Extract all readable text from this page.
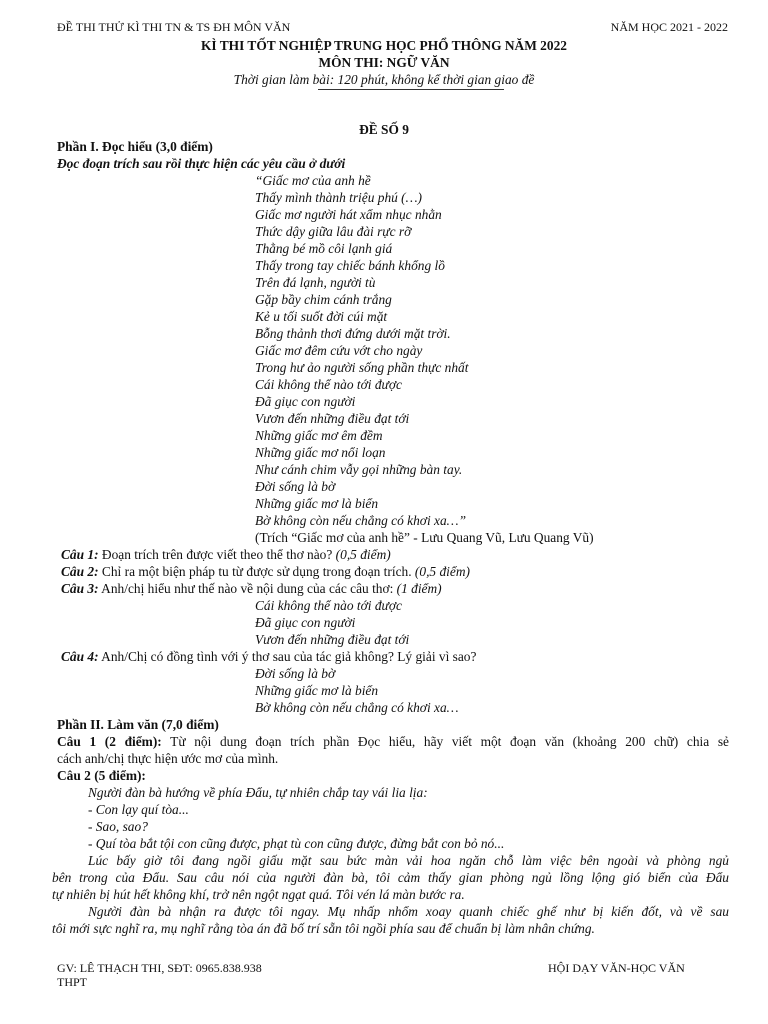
ĐỀ THI THỬ KÌ THI TN & TS ĐH MÔN VĂN	NĂM HỌC 2021 - 2022
KÌ THI TỐT NGHIỆP TRUNG HỌC PHỔ THÔNG NĂM 2022
MÔN THI: NGỮ VĂN
Thời gian làm bài: 120 phút, không kể thời gian giao đề
ĐỀ SỐ 9
Phần I. Đọc hiểu (3,0 điểm)
Đọc đoạn trích sau rồi thực hiện các yêu cầu ở dưới
“Giấc mơ của anh hề
Thấy mình thành triệu phú (…)
Giấc mơ người hát xẩm nhục nhằn
Thức dậy giữa lâu đài rực rỡ
Thằng bé mồ côi lạnh giá
Thấy trong tay chiếc bánh khổng lồ
Trên đá lạnh, người tù
Gặp bầy chim cánh trắng
Kẻ u tối suốt đời cúi mặt
Bỗng thảnh thơi đứng dưới mặt trời.
Giấc mơ đêm cứu vớt cho ngày
Trong hư ảo người sống phần thực nhất
Cái không thể nào tới được
Đã giục con người
Vươn đến những điều đạt tới
Những giấc mơ êm đềm
Những giấc mơ nổi loạn
Như cánh chim vẫy gọi những bàn tay.
Đời sống là bờ
Những giấc mơ là biển
Bờ không còn nếu chẳng có khơi xa…”
(Trích “Giấc mơ của anh hề” - Lưu Quang Vũ, Lưu Quang Vũ)
Câu 1: Đoạn trích trên được viết theo thể thơ nào? (0,5 điểm)
Câu 2: Chỉ ra một biện pháp tu từ được sử dụng trong đoạn trích. (0,5 điểm)
Câu 3: Anh/chị hiểu như thế nào về nội dung của các câu thơ: (1 điểm)
Cái không thể nào tới được
Đã giục con người
Vươn đến những điều đạt tới
Câu 4: Anh/Chị có đồng tình với ý thơ sau của tác giả không? Lý giải vì sao?
Đời sống là bờ
Những giấc mơ là biển
Bờ không còn nếu chẳng có khơi xa…
Phần II. Làm văn (7,0 điểm)
Câu 1 (2 điểm): Từ nội dung đoạn trích phần Đọc hiểu, hãy viết một đoạn văn (khoảng 200 chữ) chia sẻ
cách anh/chị thực hiện ước mơ của mình.
Câu 2 (5 điểm):
Người đàn bà hướng về phía Đẩu, tự nhiên chắp tay vái lia lịa:
- Con lạy quí tòa...
- Sao, sao?
- Quí tòa bắt tội con cũng được, phạt tù con cũng được, đừng bắt con bỏ nó...
Lúc bấy giờ tôi đang ngồi giấu mặt sau bức màn vải hoa ngăn chỗ làm việc bên ngoài và phòng ngủ
bên trong của Đẩu. Sau câu nói của người đàn bà, tôi cảm thấy gian phòng ngủ lồng lộng gió biển của Đẩu
tự nhiên bị hút hết không khí, trở nên ngột ngạt quá. Tôi vén lá màn bước ra.
Người đàn bà nhận ra được tôi ngay. Mụ nhấp nhổm xoay quanh chiếc ghế như bị kiến đốt, và về sau
tôi mới sực nghĩ ra, mụ nghĩ rằng tòa án đã bố trí sẵn tôi ngồi phía sau để chuẩn bị làm nhân chứng.
GV: LÊ THẠCH THI, SĐT: 0965.838.938
THPT
HỘI DẠY VĂN-HỌC VĂN
